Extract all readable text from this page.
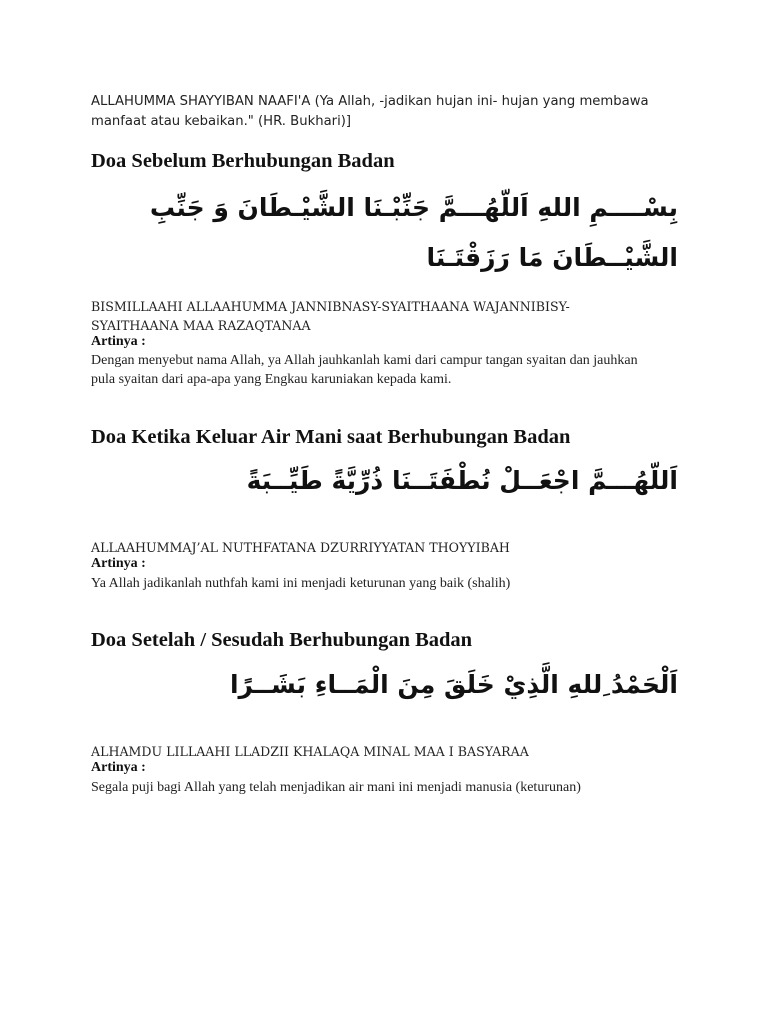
ALLAHUMMA SHAYYIBAN NAAFI'A (Ya Allah, -jadikan hujan ini- hujan yang membawa manfaat atau kebaikan." (HR. Bukhari)]
Doa Sebelum Berhubungan Badan
بِسْــــمِ اللهِ اَللّهُـــمَّ جَنِّبْـنَا الشَّيْـطَانَ وَ جَنِّبِ
الشَّيْــطَانَ مَا رَزَقْتَـنَا
BISMILLAAHI ALLAAHUMMA JANNIBNASY-SYAITHAANA WAJANNIBISY-SYAITHAANA MAA RAZAQTANAA
Artinya :
Dengan menyebut nama Allah, ya Allah jauhkanlah kami dari campur tangan syaitan dan jauhkan pula syaitan dari apa-apa yang Engkau karuniakan kepada kami.
Doa Ketika Keluar Air Mani saat Berhubungan Badan
اَللّهُـــمَّ اجْعَــلْ نُطْفَتَــنَا ذُرِّيَّةً طَيِّــبَةً
ALLAAHUMMAJ’AL NUTHFATANA DZURRIYYATAN THOYYIBAH
Artinya :
Ya Allah jadikanlah nuthfah kami ini menjadi keturunan yang baik (shalih)
Doa Setelah / Sesudah Berhubungan Badan
اَلْحَمْدُ ِللهِ الَّذِيْ خَلَقَ مِنَ الْمَــاءِ بَشَــرًا
ALHAMDU LILLAAHI LLADZII KHALAQA MINAL MAA I BASYARAA
Artinya :
Segala puji bagi Allah yang telah menjadikan air mani ini menjadi manusia (keturunan)
